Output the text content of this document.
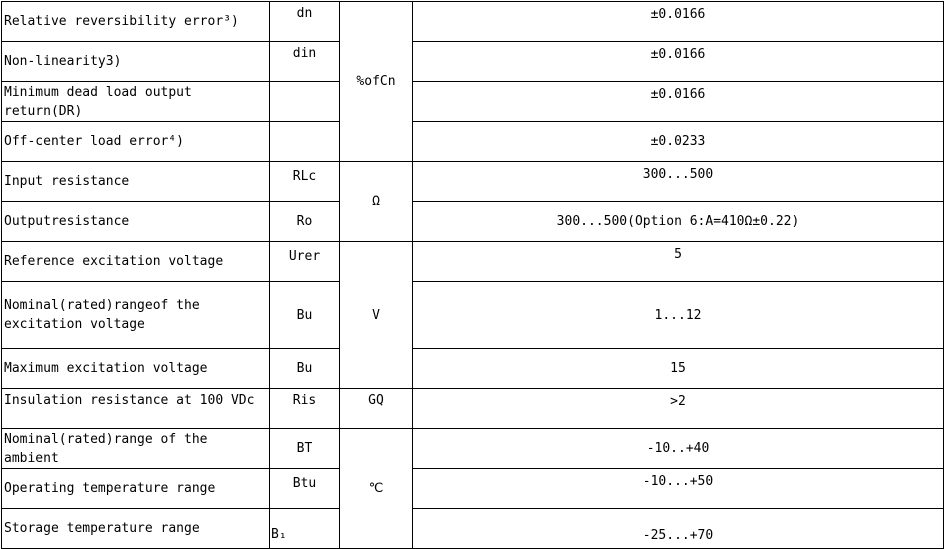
Relative reversibility error³)	dn	%ofCn	±0.0166
Non-linearity3)	din		±0.0166
Minimum dead load output return(DR)			±0.0166
Off-center load error⁴)			±0.0233
Input resistance	RLc	Ω	300...500
Outputresistance	Ro		300...500(Option 6:A=410Ω±0.22)
Reference excitation voltage	Urer	V	5
Nominal(rated)rangeof the excitation voltage	Bu		1...12
Maximum excitation voltage	Bu		15
Insulation resistance at 100 VDc	Ris	GQ	>2
Nominal(rated)range of the ambient	BT	℃	-10..+40
Operating temperature range	Btu		-10...+50
Storage temperature range	B₁		-25...+70
